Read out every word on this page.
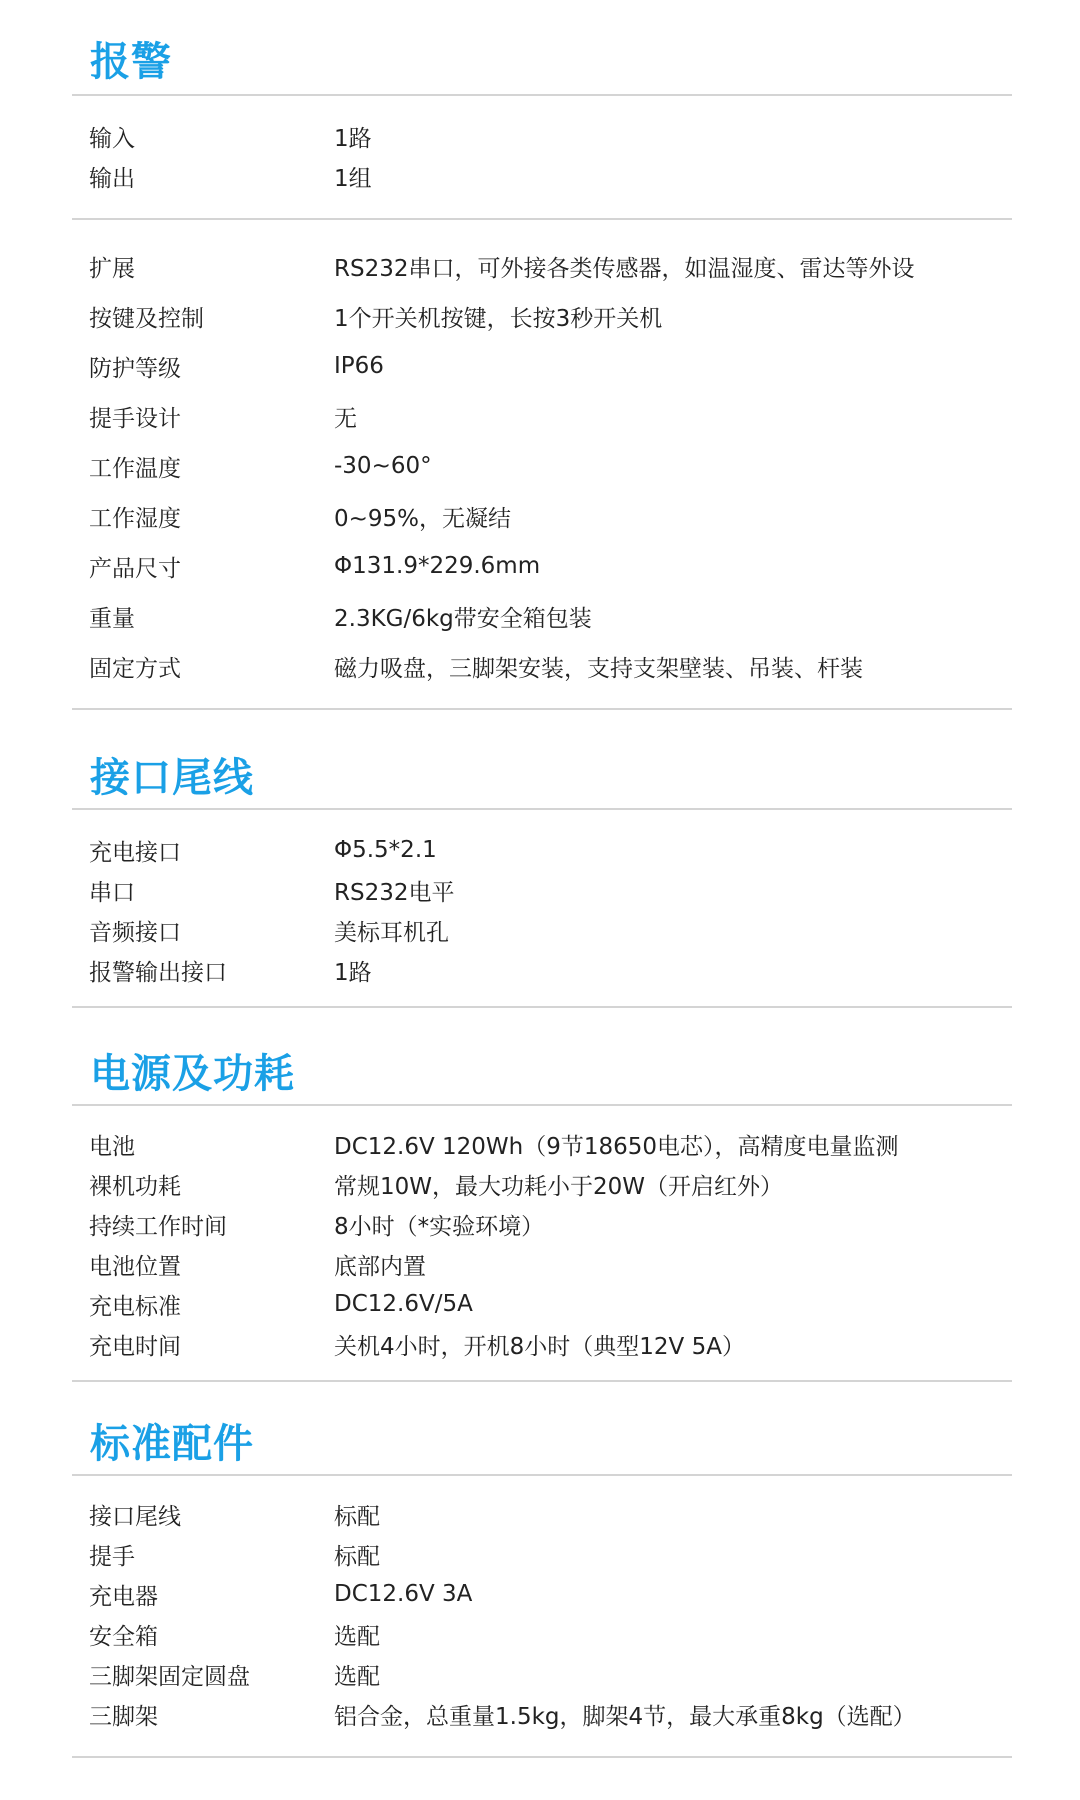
报警
输入	1路
输出	1组
扩展	RS232串口，可外接各类传感器，如温湿度、雷达等外设
按键及控制	1个开关机按键，长按3秒开关机
防护等级	IP66
提手设计	无
工作温度	-30~60°
工作湿度	0~95%，无凝结
产品尺寸	Φ131.9*229.6mm
重量	2.3KG/6kg带安全箱包装
固定方式	磁力吸盘，三脚架安装，支持支架壁装、吊装、杆装
接口尾线
充电接口	Φ5.5*2.1
串口	RS232电平
音频接口	美标耳机孔
报警输出接口	1路
电源及功耗
电池	DC12.6V 120Wh（9节18650电芯），高精度电量监测
裸机功耗	常规10W，最大功耗小于20W（开启红外）
持续工作时间	8小时（*实验环境）
电池位置	底部内置
充电标准	DC12.6V/5A
充电时间	关机4小时，开机8小时（典型12V 5A）
标准配件
接口尾线	标配
提手	标配
充电器	DC12.6V 3A
安全箱	选配
三脚架固定圆盘	选配
三脚架	铝合金，总重量1.5kg，脚架4节，最大承重8kg（选配）
